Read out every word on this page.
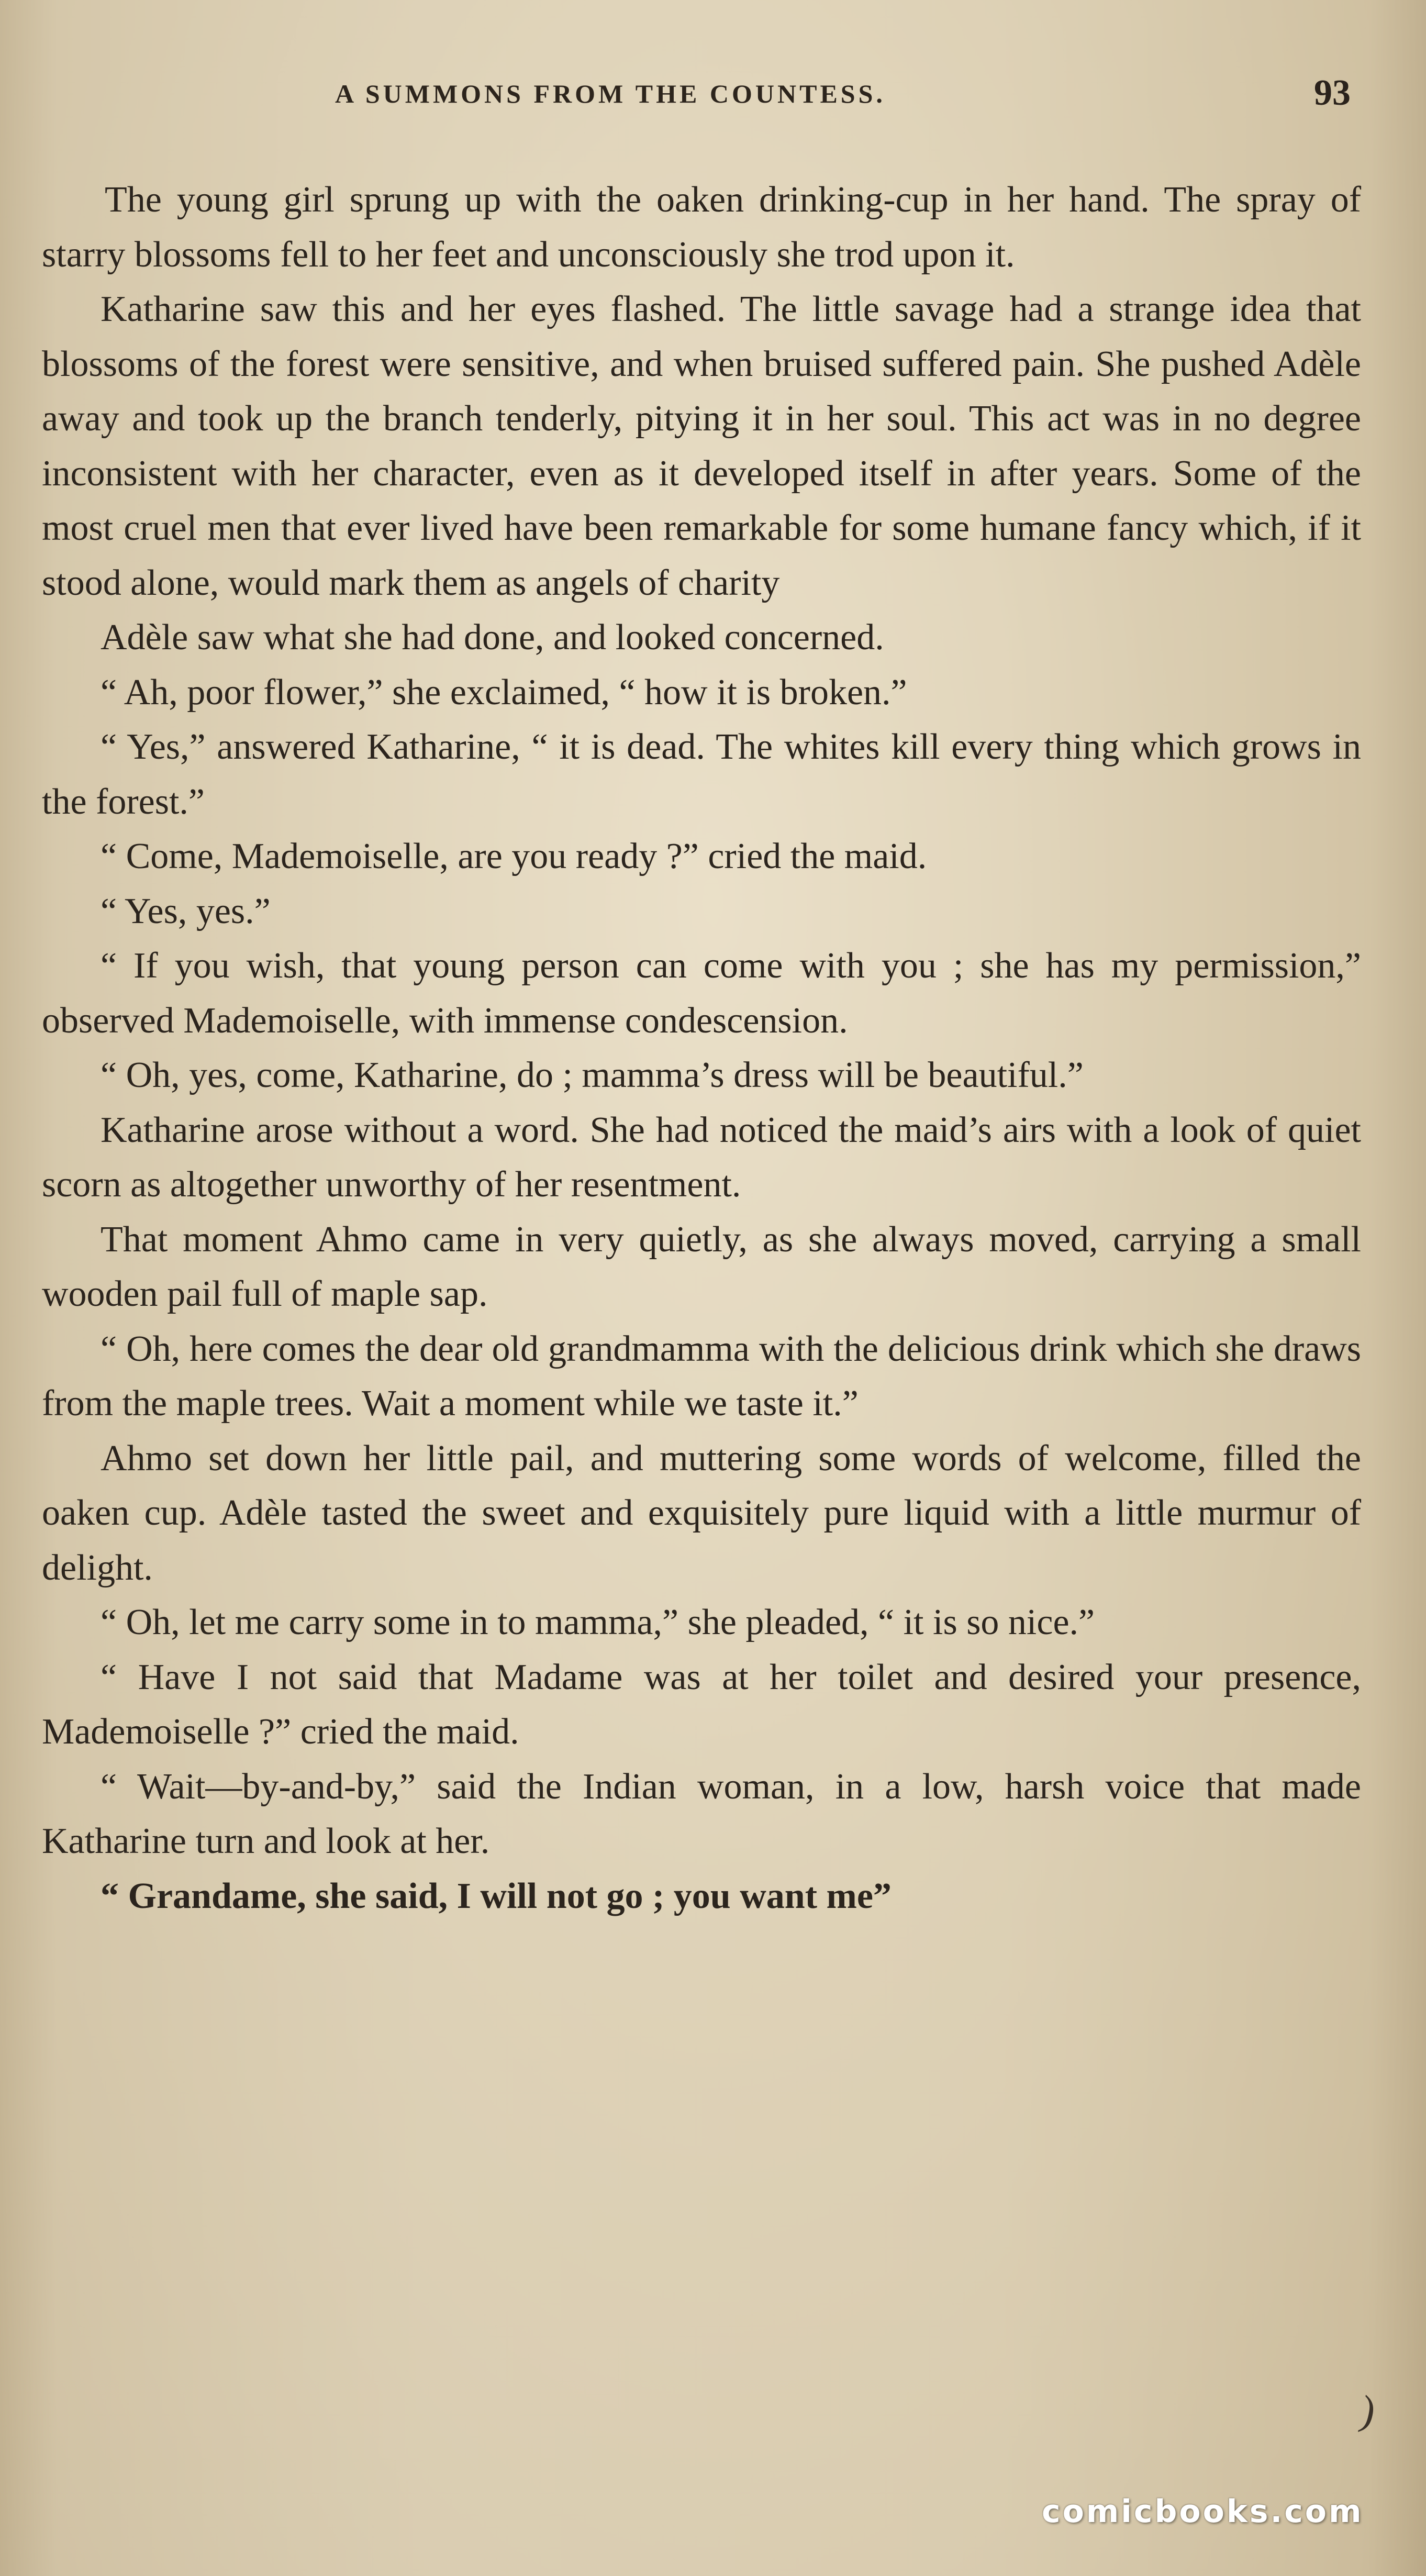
A SUMMONS FROM THE COUNTESS.	93

The young girl sprung up with the oaken drinking-cup in her hand. The spray of starry blossoms fell to her feet and unconsciously she trod upon it.

Katharine saw this and her eyes flashed. The little savage had a strange idea that blossoms of the forest were sensitive, and when bruised suffered pain. She pushed Adèle away and took up the branch tenderly, pitying it in her soul. This act was in no degree inconsistent with her character, even as it developed itself in after years. Some of the most cruel men that ever lived have been remarkable for some humane fancy which, if it stood alone, would mark them as angels of charity

Adèle saw what she had done, and looked concerned.

“ Ah, poor flower,” she exclaimed, “ how it is broken.”

“ Yes,” answered Katharine, “ it is dead. The whites kill every thing which grows in the forest.”

“ Come, Mademoiselle, are you ready ?” cried the maid.

“ Yes, yes.”

“ If you wish, that young person can come with you ; she has my permission,” observed Mademoiselle, with immense condescension.

“ Oh, yes, come, Katharine, do ; mamma’s dress will be beautiful.”

Katharine arose without a word. She had noticed the maid’s airs with a look of quiet scorn as altogether unworthy of her resentment.

That moment Ahmo came in very quietly, as she always moved, carrying a small wooden pail full of maple sap.

“ Oh, here comes the dear old grandmamma with the delicious drink which she draws from the maple trees. Wait a moment while we taste it.”

Ahmo set down her little pail, and muttering some words of welcome, filled the oaken cup. Adèle tasted the sweet and exquisitely pure liquid with a little murmur of delight.

“ Oh, let me carry some in to mamma,” she pleaded, “ it is so nice.”

“ Have I not said that Madame was at her toilet and desired your presence, Mademoiselle ?” cried the maid.

“ Wait—by-and-by,” said the Indian woman, in a low, harsh voice that made Katharine turn and look at her.

“ Grandame, she said, I will not go ; you want me”

)
comicbooks.com
